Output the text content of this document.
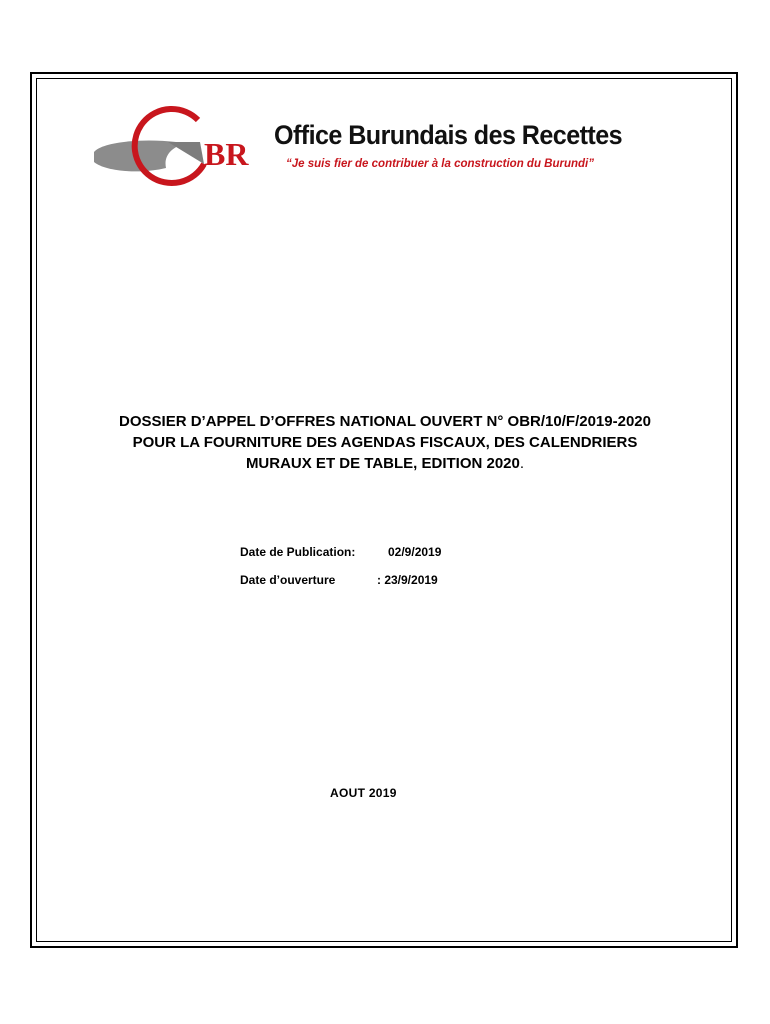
BR
Office Burundais des Recettes
“Je suis fier de contribuer à la construction du Burundi”
DOSSIER D’APPEL D’OFFRES NATIONAL OUVERT N° OBR/10/F/2019-2020
POUR LA FOURNITURE DES AGENDAS FISCAUX, DES CALENDRIERS
MURAUX ET DE TABLE, EDITION 2020.
Date de Publication:	02/9/2019
Date d’ouverture	: 23/9/2019
AOUT 2019
